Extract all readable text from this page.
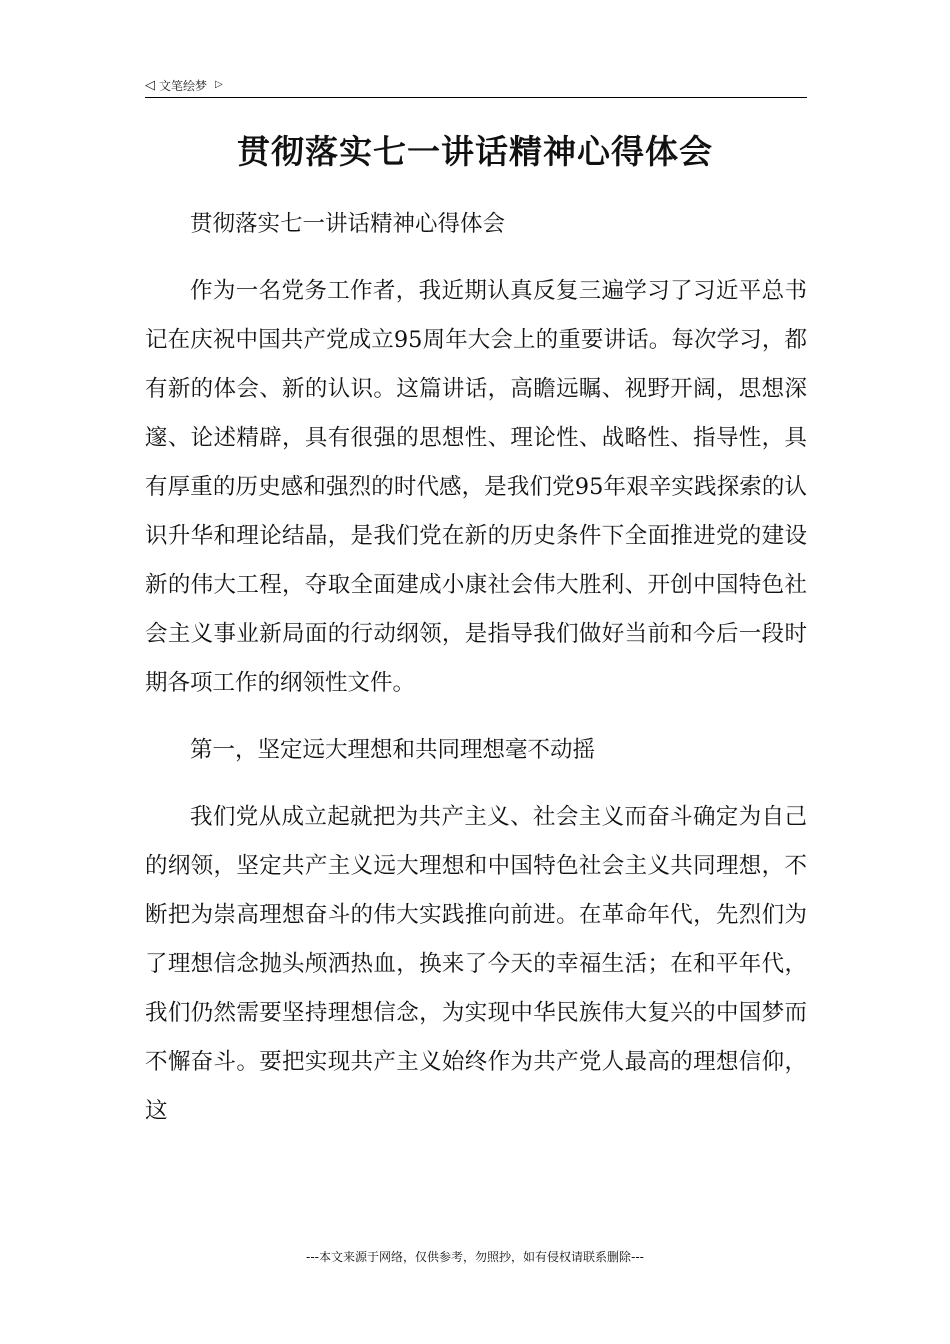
◁ 文笔绘梦 ▷
贯彻落实七一讲话精神心得体会

贯彻落实七一讲话精神心得体会

作为一名党务工作者，我近期认真反复三遍学习了习近平总书记在庆祝中国共产党成立95周年大会上的重要讲话。每次学习，都有新的体会、新的认识。这篇讲话，高瞻远瞩、视野开阔，思想深邃、论述精辟，具有很强的思想性、理论性、战略性、指导性，具有厚重的历史感和强烈的时代感，是我们党95年艰辛实践探索的认识升华和理论结晶，是我们党在新的历史条件下全面推进党的建设新的伟大工程，夺取全面建成小康社会伟大胜利、开创中国特色社会主义事业新局面的行动纲领，是指导我们做好当前和今后一段时期各项工作的纲领性文件。

第一，坚定远大理想和共同理想毫不动摇

我们党从成立起就把为共产主义、社会主义而奋斗确定为自己的纲领，坚定共产主义远大理想和中国特色社会主义共同理想，不断把为崇高理想奋斗的伟大实践推向前进。在革命年代，先烈们为了理想信念抛头颅洒热血，换来了今天的幸福生活；在和平年代，我们仍然需要坚持理想信念，为实现中华民族伟大复兴的中国梦而不懈奋斗。要把实现共产主义始终作为共产党人最高的理想信仰，这

---本文来源于网络，仅供参考，勿照抄，如有侵权请联系删除---
